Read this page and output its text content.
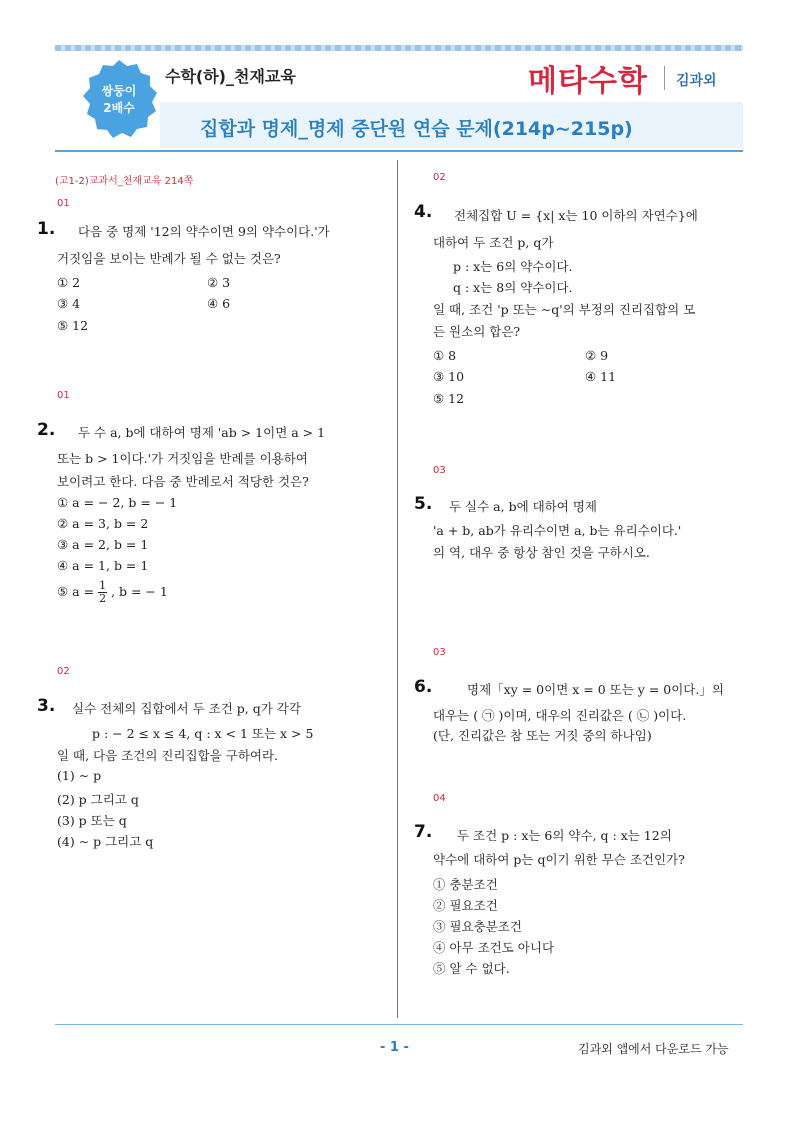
쌍둥이
2배수
수학(하)_천재교육	메타수학 김과외
집합과 명제_명제 중단원 연습 문제(214p~215p)
(고1-2)교과서_천재교육 214쪽
01
1. 다음 중 명제 '12의 약수이면 9의 약수이다.'가
거짓임을 보이는 반례가 될 수 없는 것은?
① 2	② 3
③ 4	④ 6
⑤ 12
01
2. 두 수 a, b에 대하여 명제 'ab > 1이면 a > 1
또는 b > 1이다.'가 거짓임을 반례를 이용하여
보이려고 한다. 다음 중 반례로서 적당한 것은?
① a = − 2, b = − 1
② a = 3, b = 2
③ a = 2, b = 1
④ a = 1, b = 1
⑤ $a = \frac{1}{2}$ , b = − 1
02
3. 실수 전체의 집합에서 두 조건 p, q가 각각
p : − 2 ≤ x ≤ 4, q : x < 1 또는 x > 5
일 때, 다음 조건의 진리집합을 구하여라.
(1) ∼ p
(2) p 그리고 q
(3) p 또는 q
(4) ∼ p 그리고 q
02
4. 전체집합 U = {x| x는 10 이하의 자연수}에
대하여 두 조건 p, q가
p : x는 6의 약수이다.
q : x는 8의 약수이다.
일 때, 조건 'p 또는 ∼q'의 부정의 진리집합의 모
든 원소의 합은?
① 8	② 9
③ 10	④ 11
⑤ 12
03
5. 두 실수 a, b에 대하여 명제
'a + b, ab가 유리수이면 a, b는 유리수이다.'
의 역, 대우 중 항상 참인 것을 구하시오.
03
6.	명제「xy = 0이면 x = 0 또는 y = 0이다.」의
대우는 ( ㉠ )이며, 대우의 진리값은 ( ㉡ )이다.
(단, 진리값은 참 또는 거짓 중의 하나임)
04
7. 두 조건 p : x는 6의 약수, q : x는 12의
약수에 대하여 p는 q이기 위한 무슨 조건인가?
① 충분조건
② 필요조건
③ 필요충분조건
④ 아무 조건도 아니다
⑤ 알 수 없다.
- 1 -	김과외 앱에서 다운로드 가능
